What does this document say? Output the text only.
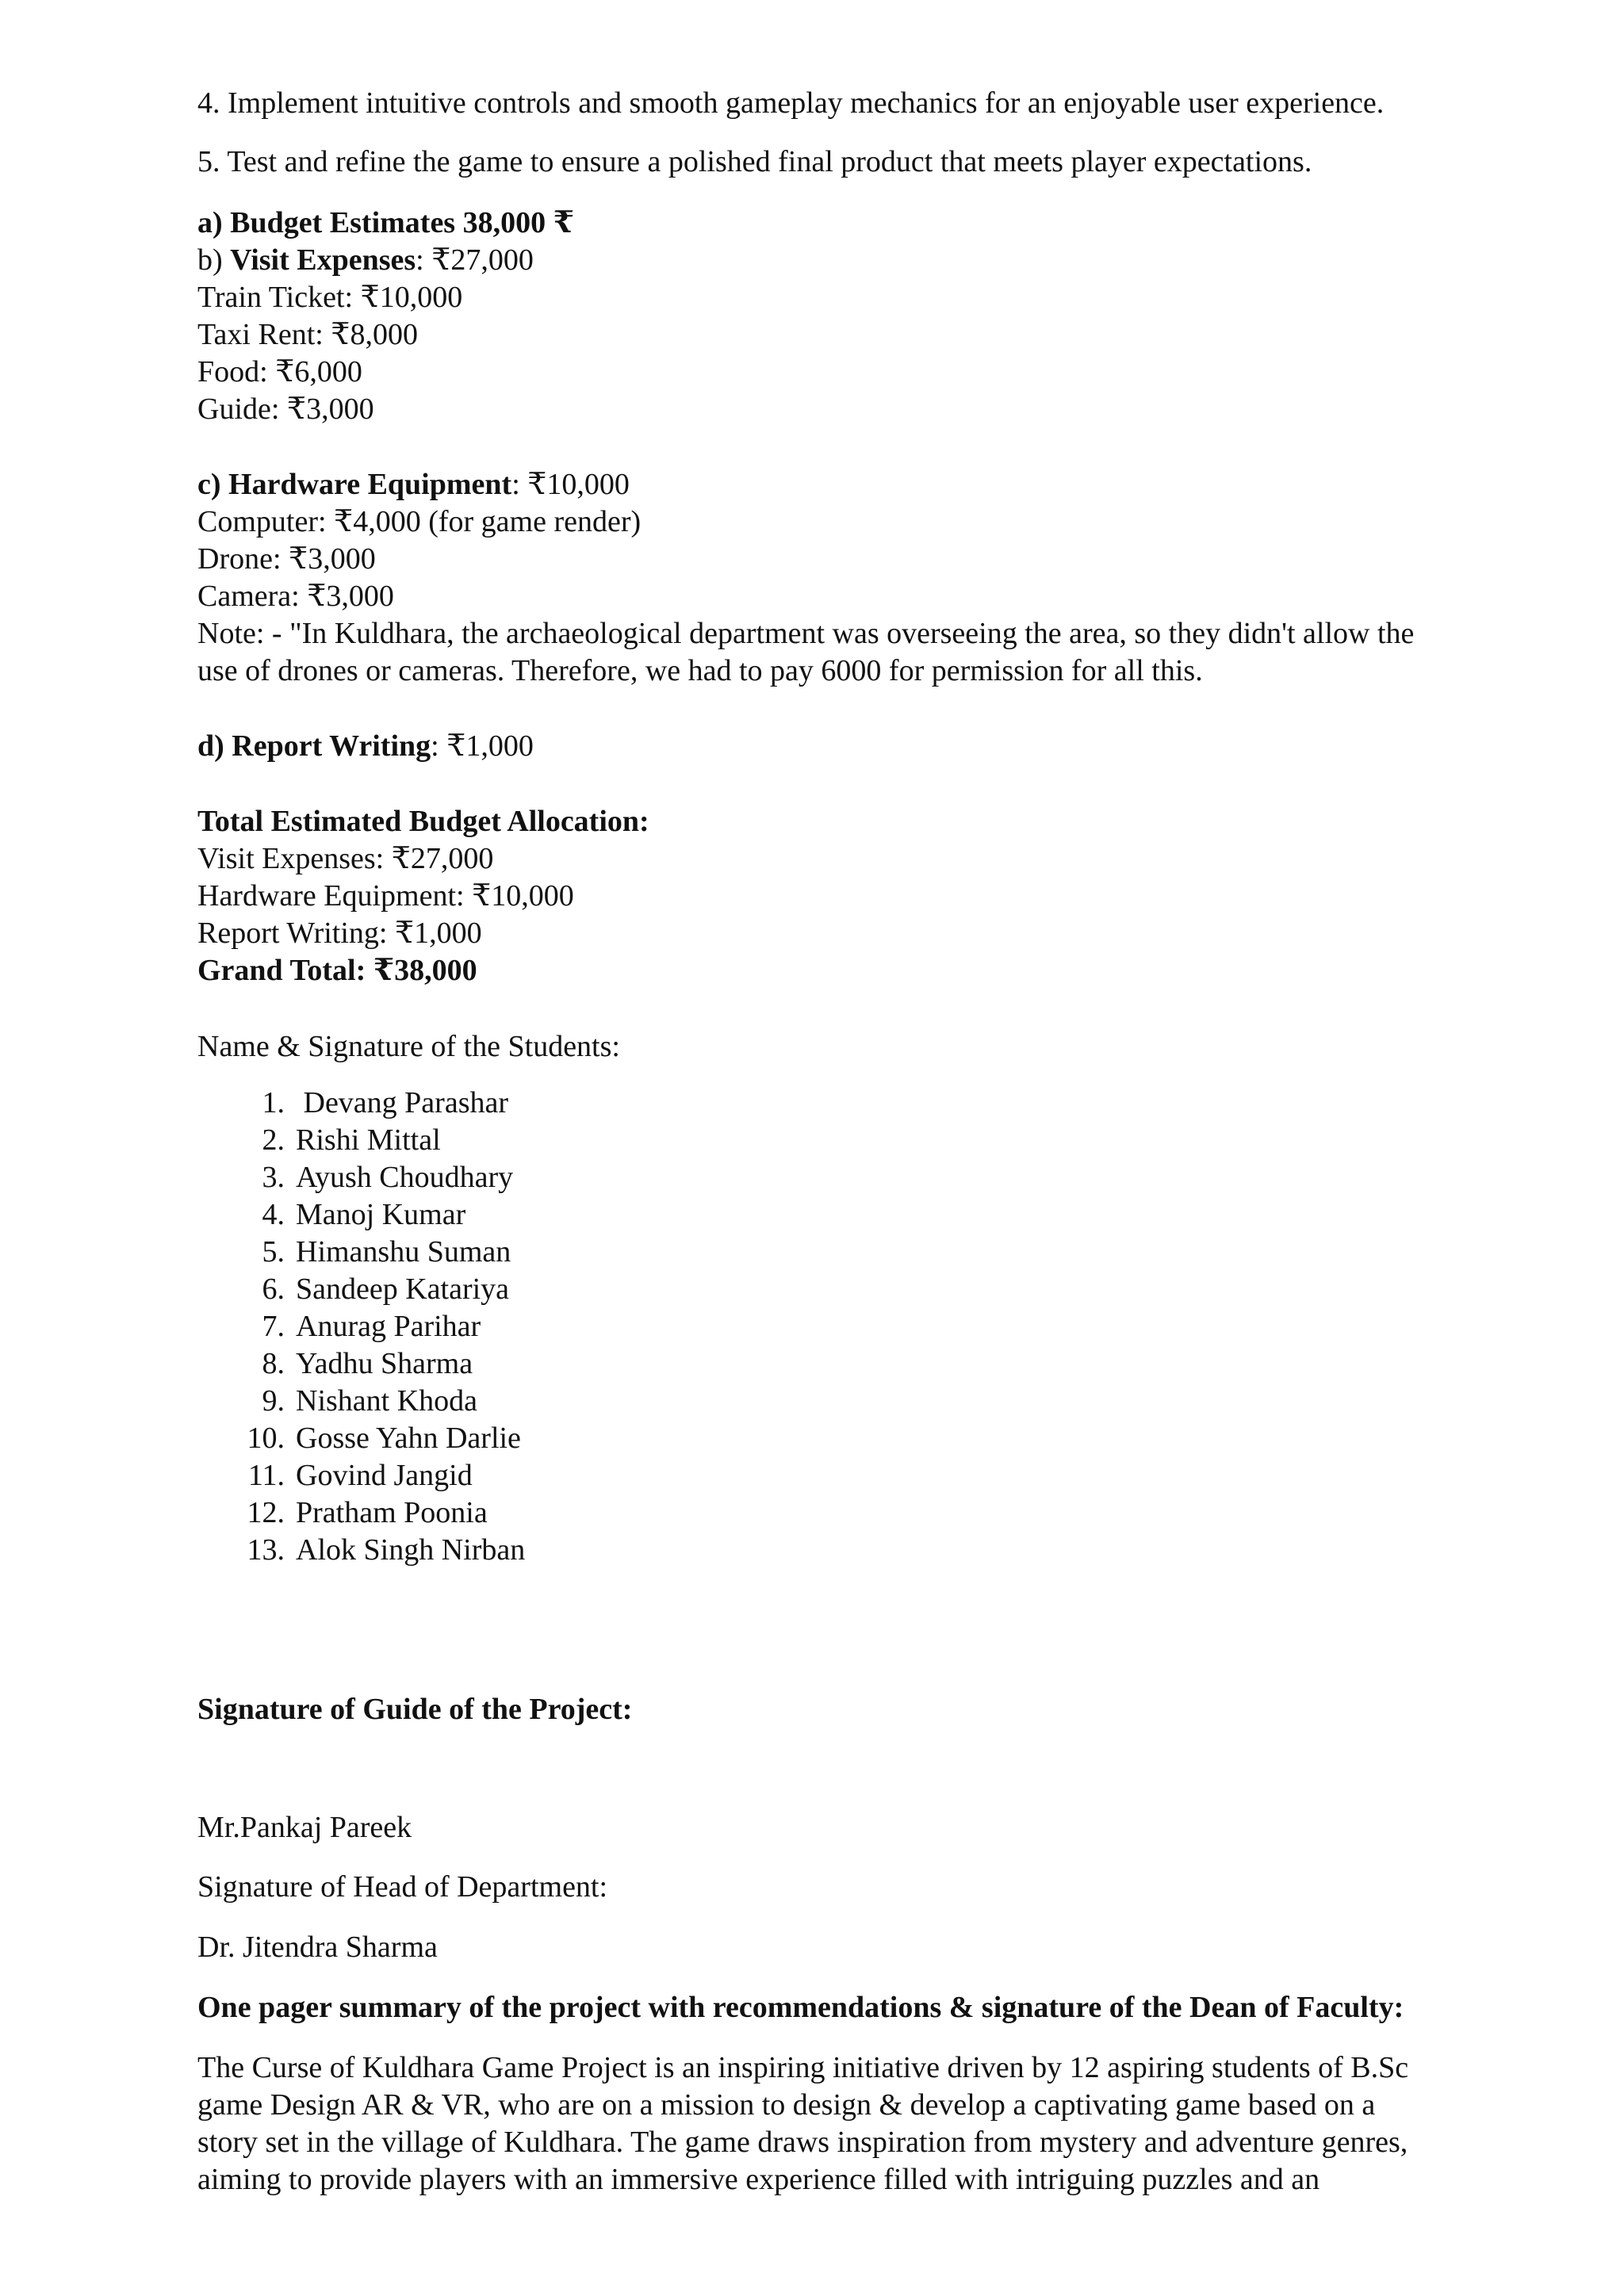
4. Implement intuitive controls and smooth gameplay mechanics for an enjoyable user experience.

5. Test and refine the game to ensure a polished final product that meets player expectations.

a) Budget Estimates 38,000 ₹
b) Visit Expenses: ₹27,000
Train Ticket: ₹10,000
Taxi Rent: ₹8,000
Food: ₹6,000
Guide: ₹3,000
c) Hardware Equipment: ₹10,000
Computer: ₹4,000 (for game render)
Drone: ₹3,000
Camera: ₹3,000
Note: - "In Kuldhara, the archaeological department was overseeing the area, so they didn't allow the use of drones or cameras. Therefore, we had to pay 6000 for permission for all this.
d) Report Writing: ₹1,000
Total Estimated Budget Allocation:
Visit Expenses: ₹27,000
Hardware Equipment: ₹10,000
Report Writing: ₹1,000
Grand Total: ₹38,000

Name & Signature of the Students:

1. Devang Parashar
2. Rishi Mittal
3. Ayush Choudhary
4. Manoj Kumar
5. Himanshu Suman
6. Sandeep Katariya
7. Anurag Parihar
8. Yadhu Sharma
9. Nishant Khoda
10. Gosse Yahn Darlie
11. Govind Jangid
12. Pratham Poonia
13. Alok Singh Nirban

Signature of Guide of the Project:

Mr.Pankaj Pareek

Signature of Head of Department:

Dr. Jitendra Sharma

One pager summary of the project with recommendations & signature of the Dean of Faculty:

The Curse of Kuldhara Game Project is an inspiring initiative driven by 12 aspiring students of B.Sc game Design AR & VR, who are on a mission to design & develop a captivating game based on a story set in the village of Kuldhara. The game draws inspiration from mystery and adventure genres, aiming to provide players with an immersive experience filled with intriguing puzzles and an
